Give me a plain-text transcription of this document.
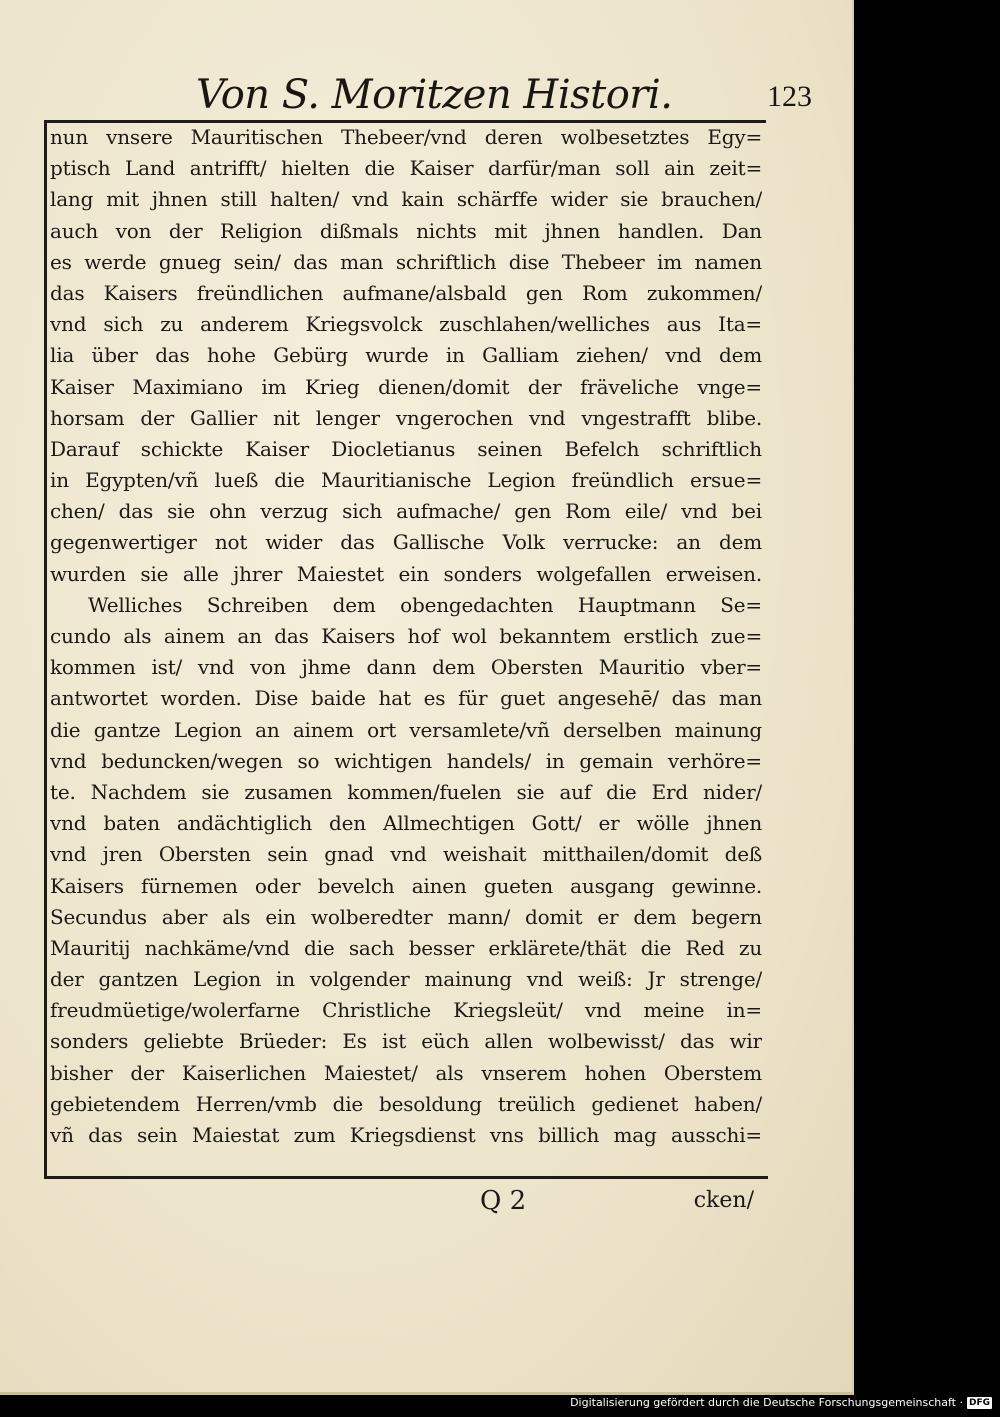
Von S. Moritzen Histori.	123
nun vnsere Mauritischen Thebeer/vnd deren wolbesetztes Egy=
ptisch Land antrifft/ hielten die Kaiser darfür/man soll ain zeit=
lang mit jhnen still halten/ vnd kain schärffe wider sie brauchen/
auch von der Religion dißmals nichts mit jhnen handlen. Dan
es werde gnueg sein/ das man schriftlich dise Thebeer im namen
das Kaisers freündlichen aufmane/alsbald gen Rom zukommen/
vnd sich zu anderem Kriegsvolck zuschlahen/welliches aus Ita=
lia über das hohe Gebürg wurde in Galliam ziehen/ vnd dem
Kaiser Maximiano im Krieg dienen/domit der fräveliche vnge=
horsam der Gallier nit lenger vngerochen vnd vngestrafft blibe.
Darauf schickte Kaiser Diocletianus seinen Befelch schriftlich
in Egypten/vñ lueß die Mauritianische Legion freündlich ersue=
chen/ das sie ohn verzug sich aufmache/ gen Rom eile/ vnd bei
gegenwertiger not wider das Gallische Volk verrucke: an dem
wurden sie alle jhrer Maiestet ein sonders wolgefallen erweisen.
Welliches Schreiben dem obengedachten Hauptmann Se=
cundo als ainem an das Kaisers hof wol bekanntem erstlich zue=
kommen ist/ vnd von jhme dann dem Obersten Mauritio vber=
antwortet worden. Dise baide hat es für guet angesehē/ das man
die gantze Legion an ainem ort versamlete/vñ derselben mainung
vnd beduncken/wegen so wichtigen handels/ in gemain verhöre=
te. Nachdem sie zusamen kommen/fuelen sie auf die Erd nider/
vnd baten andächtiglich den Allmechtigen Gott/ er wölle jhnen
vnd jren Obersten sein gnad vnd weishait mitthailen/domit deß
Kaisers fürnemen oder bevelch ainen gueten ausgang gewinne.
Secundus aber als ein wolberedter mann/ domit er dem begern
Mauritij nachkäme/vnd die sach besser erklärete/thät die Red zu
der gantzen Legion in volgender mainung vnd weiß: Jr strenge/
freudmüetige/wolerfarne Christliche Kriegsleüt/ vnd meine in=
sonders geliebte Brüeder: Es ist eüch allen wolbewisst/ das wir
bisher der Kaiserlichen Maiestet/ als vnserem hohen Oberstem
gebietendem Herren/vmb die besoldung treülich gedienet haben/
vñ das sein Maiestat zum Kriegsdienst vns billich mag ausschi=
Q 2	cken/
Digitalisierung gefördert durch die Deutsche Forschungsgemeinschaft · DFG
